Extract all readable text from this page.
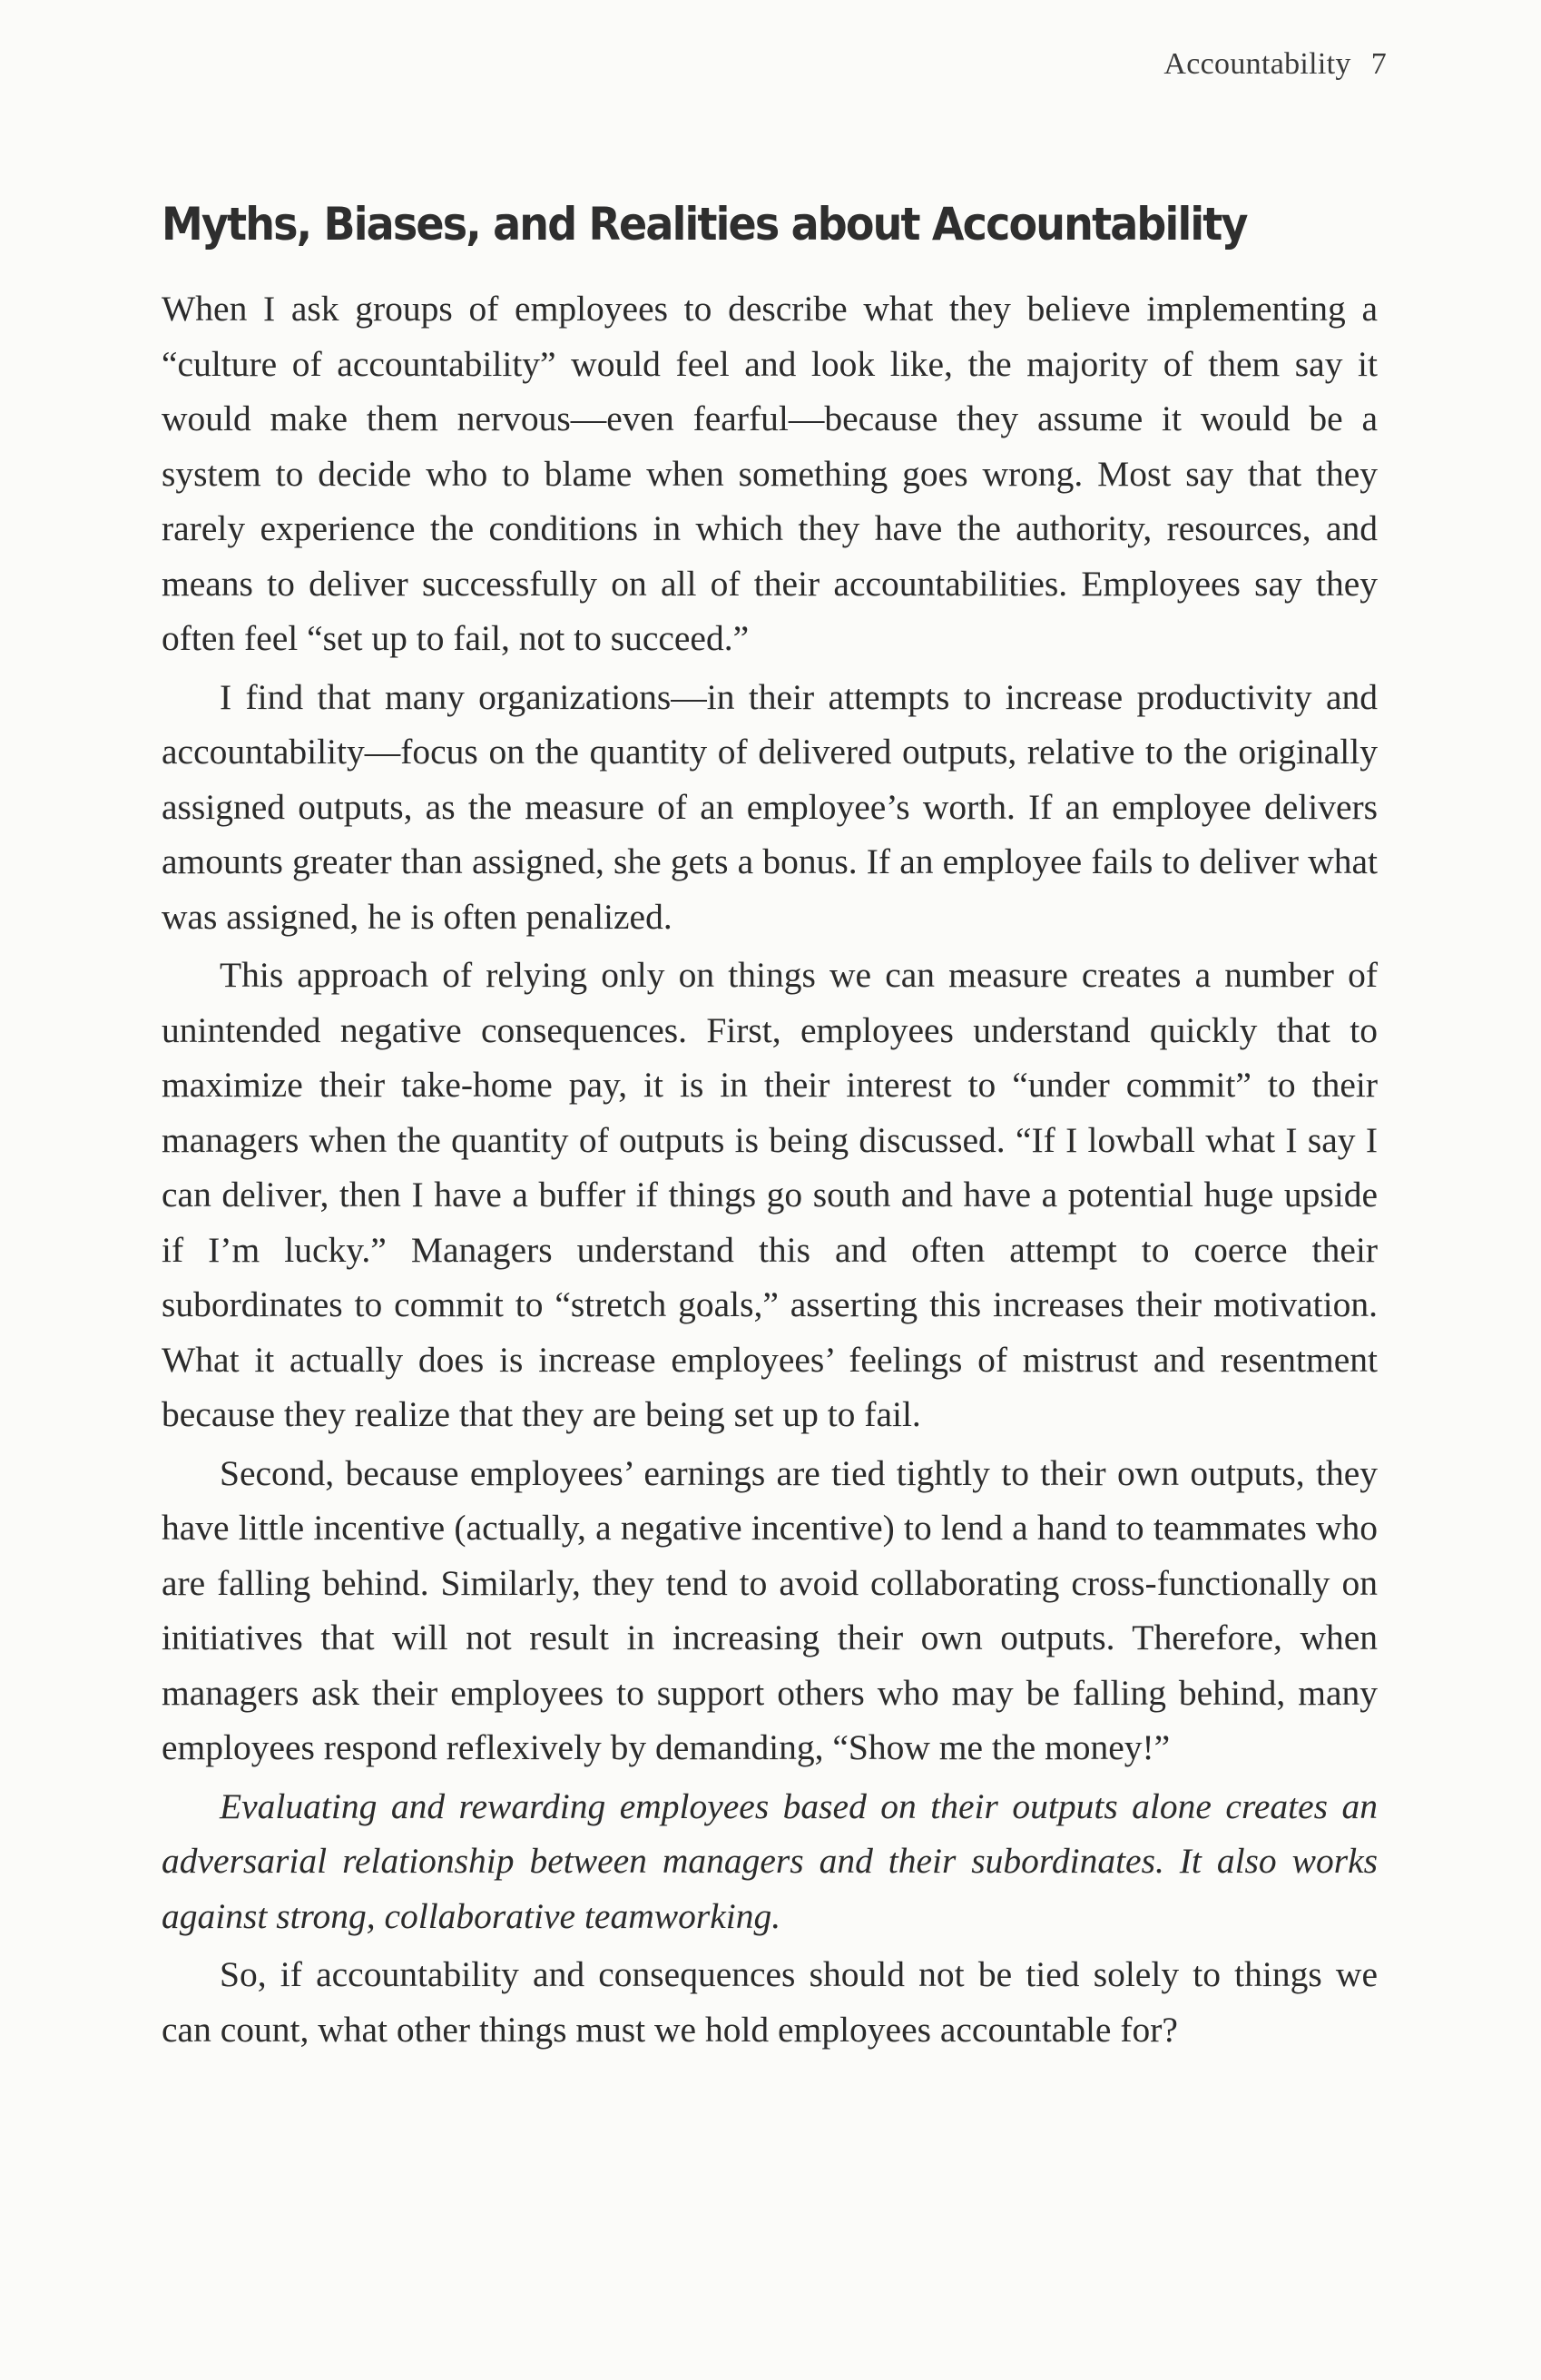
Accountability 7
Myths, Biases, and Realities about Accountability

When I ask groups of employees to describe what they believe implementing a “culture of accountability” would feel and look like, the majority of them say it would make them nervous—even fearful—because they assume it would be a system to decide who to blame when something goes wrong. Most say that they rarely experience the conditions in which they have the authority, resources, and means to deliver successfully on all of their accountabilities. Employees say they often feel “set up to fail, not to succeed.”

I find that many organizations—in their attempts to increase productivity and accountability—focus on the quantity of delivered outputs, relative to the originally assigned outputs, as the measure of an employee’s worth. If an employee delivers amounts greater than assigned, she gets a bonus. If an employee fails to deliver what was assigned, he is often penalized.

This approach of relying only on things we can measure creates a number of unintended negative consequences. First, employees understand quickly that to maximize their take-home pay, it is in their interest to “under commit” to their managers when the quantity of outputs is being discussed. “If I lowball what I say I can deliver, then I have a buffer if things go south and have a potential huge upside if I’m lucky.” Managers understand this and often attempt to coerce their subordinates to commit to “stretch goals,” asserting this increases their motivation. What it actually does is increase employees’ feelings of mistrust and resentment because they realize that they are being set up to fail.

Second, because employees’ earnings are tied tightly to their own outputs, they have little incentive (actually, a negative incentive) to lend a hand to teammates who are falling behind. Similarly, they tend to avoid collaborating cross-functionally on initiatives that will not result in increasing their own outputs. Therefore, when managers ask their employees to support others who may be falling behind, many employees respond reflexively by demanding, “Show me the money!”

Evaluating and rewarding employees based on their outputs alone creates an adversarial relationship between managers and their subordinates. It also works against strong, collaborative teamworking.

So, if accountability and consequences should not be tied solely to things we can count, what other things must we hold employees accountable for?
